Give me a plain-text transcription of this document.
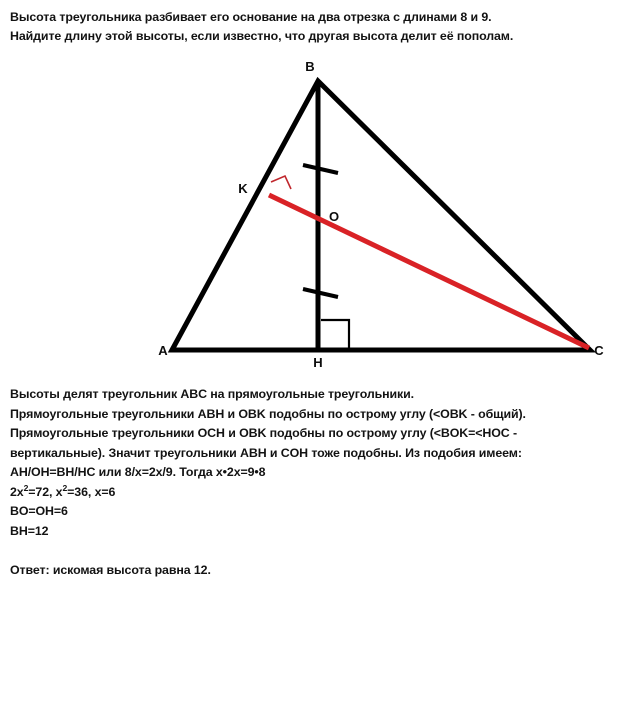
Высота треугольника разбивает его основание на два отрезка с длинами 8 и 9.

Найдите длину этой высоты, если известно, что другая высота делит её пополам.

B
A	C
H
K
O

Высоты делят треугольник ABC на прямоугольные треугольники.

Прямоугольные треугольники ABH и OBK подобны по острому углу (<OBK - общий).

Прямоугольные треугольники OCH и OBK подобны по острому углу (<BOK=<HOC -

вертикальные). Значит треугольники ABH и COH тоже подобны. Из подобия имеем:

AH/OH=BH/HC или 8/x=2x/9. Тогда x•2x=9•8

$2x^2=72$, $x^2=36$, x=6

BO=OH=6

BH=12

Ответ: искомая высота равна 12.
